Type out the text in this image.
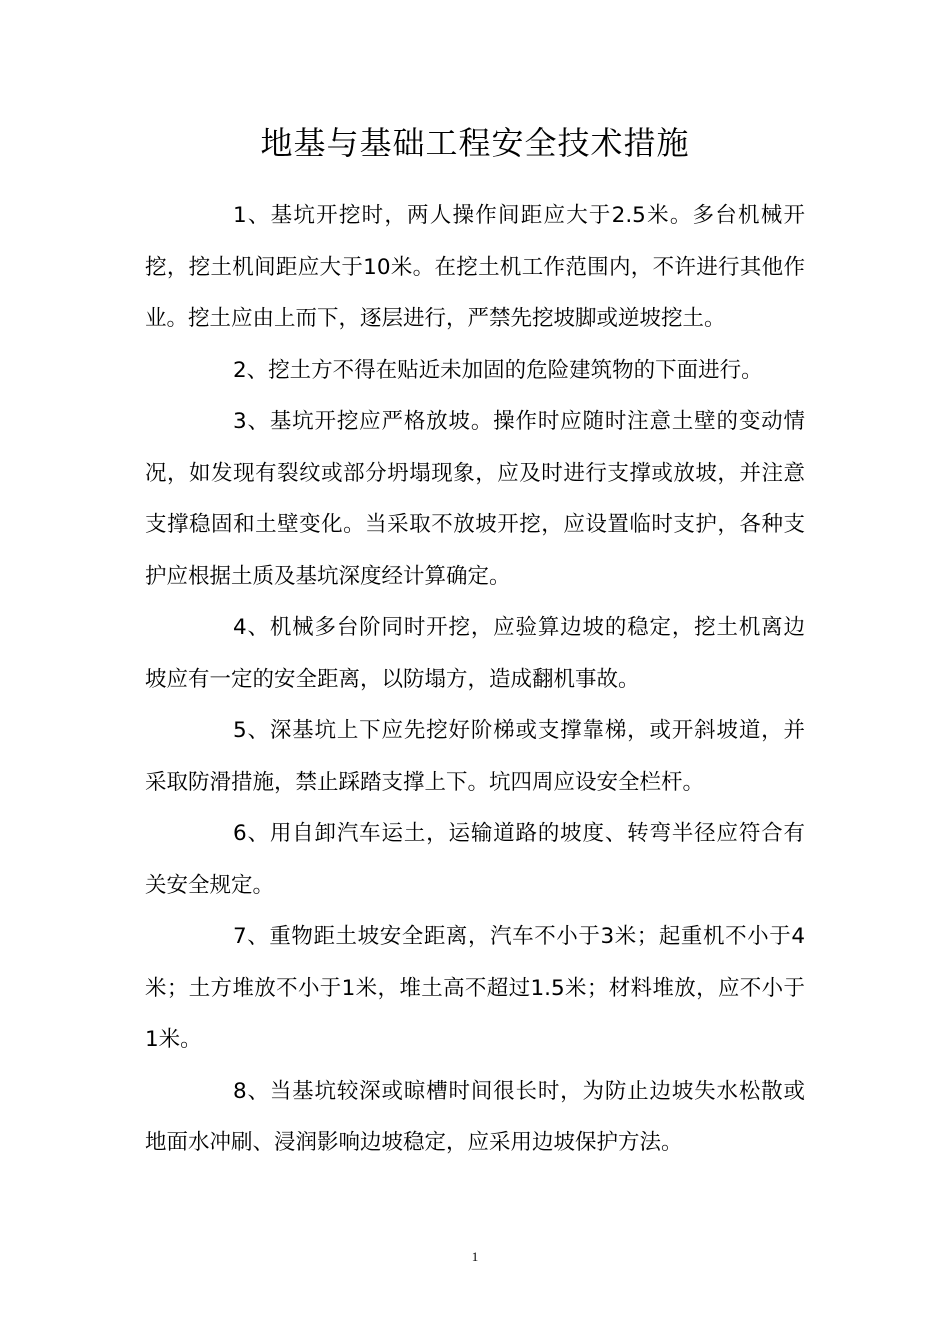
地基与基础工程安全技术措施

1、基坑开挖时，两人操作间距应大于2.5米。多台机械开挖，挖土机间距应大于10米。在挖土机工作范围内，不许进行其他作业。挖土应由上而下，逐层进行，严禁先挖坡脚或逆坡挖土。

2、挖土方不得在贴近未加固的危险建筑物的下面进行。

3、基坑开挖应严格放坡。操作时应随时注意土壁的变动情况，如发现有裂纹或部分坍塌现象，应及时进行支撑或放坡，并注意支撑稳固和土壁变化。当采取不放坡开挖，应设置临时支护，各种支护应根据土质及基坑深度经计算确定。

4、机械多台阶同时开挖，应验算边坡的稳定，挖土机离边坡应有一定的安全距离，以防塌方，造成翻机事故。

5、深基坑上下应先挖好阶梯或支撑靠梯，或开斜坡道，并采取防滑措施，禁止踩踏支撑上下。坑四周应设安全栏杆。

6、用自卸汽车运土，运输道路的坡度、转弯半径应符合有关安全规定。

7、重物距土坡安全距离，汽车不小于3米；起重机不小于4米；土方堆放不小于1米，堆土高不超过1.5米；材料堆放，应不小于1米。

8、当基坑较深或晾槽时间很长时，为防止边坡失水松散或地面水冲刷、浸润影响边坡稳定，应采用边坡保护方法。

1
